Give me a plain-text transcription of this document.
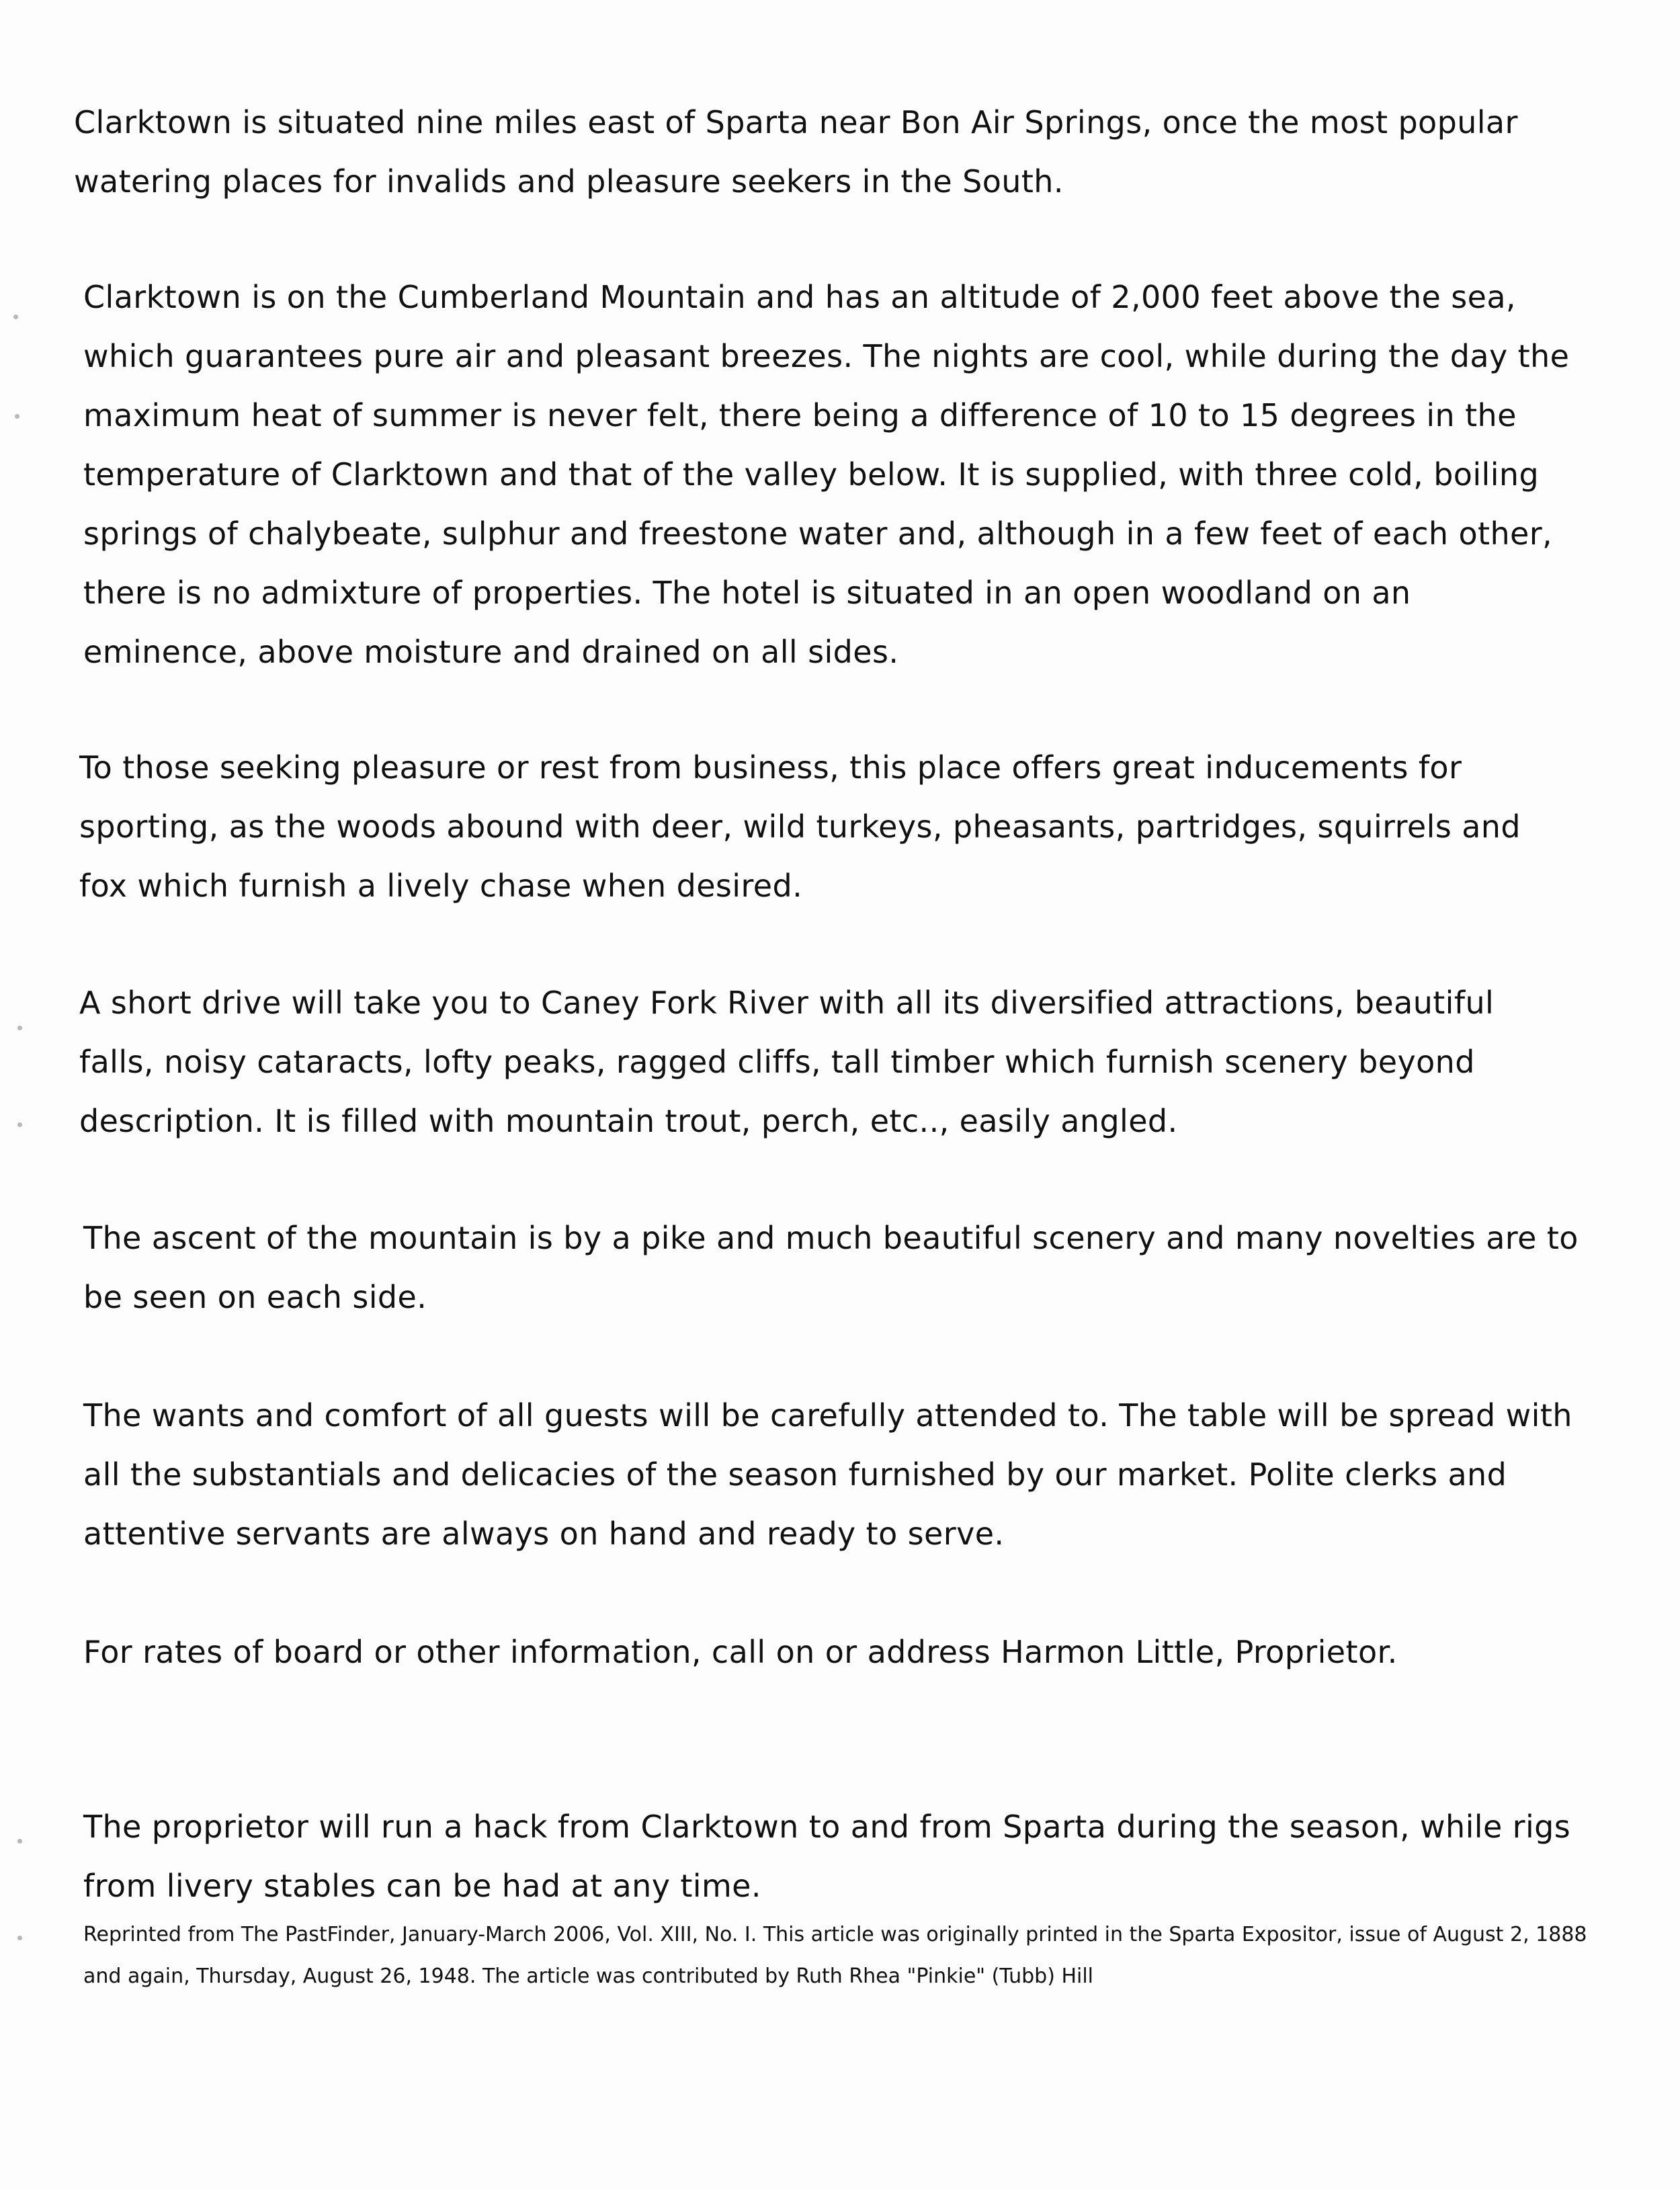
Clarktown is situated nine miles east of Sparta near Bon Air Springs, once the most popular watering places for invalids and pleasure seekers in the South.

Clarktown is on the Cumberland Mountain and has an altitude of 2,000 feet above the sea, which guarantees pure air and pleasant breezes. The nights are cool, while during the day the maximum heat of summer is never felt, there being a difference of 10 to 15 degrees in the temperature of Clarktown and that of the valley below. It is supplied, with three cold, boiling springs of chalybeate, sulphur and freestone water and, although in a few feet of each other, there is no admixture of properties. The hotel is situated in an open woodland on an eminence, above moisture and drained on all sides.

To those seeking pleasure or rest from business, this place offers great inducements for sporting, as the woods abound with deer, wild turkeys, pheasants, partridges, squirrels and fox which furnish a lively chase when desired.

A short drive will take you to Caney Fork River with all its diversified attractions, beautiful falls, noisy cataracts, lofty peaks, ragged cliffs, tall timber which furnish scenery beyond description. It is filled with mountain trout, perch, etc.., easily angled.

The ascent of the mountain is by a pike and much beautiful scenery and many novelties are to be seen on each side.

The wants and comfort of all guests will be carefully attended to. The table will be spread with all the substantials and delicacies of the season furnished by our market. Polite clerks and attentive servants are always on hand and ready to serve.

For rates of board or other information, call on or address Harmon Little, Proprietor.

The proprietor will run a hack from Clarktown to and from Sparta during the season, while rigs from livery stables can be had at any time.

Reprinted from The PastFinder, January-March 2006, Vol. XIII, No. I. This article was originally printed in the Sparta Expositor, issue of August 2, 1888 and again, Thursday, August 26, 1948. The article was contributed by Ruth Rhea "Pinkie" (Tubb) Hill
